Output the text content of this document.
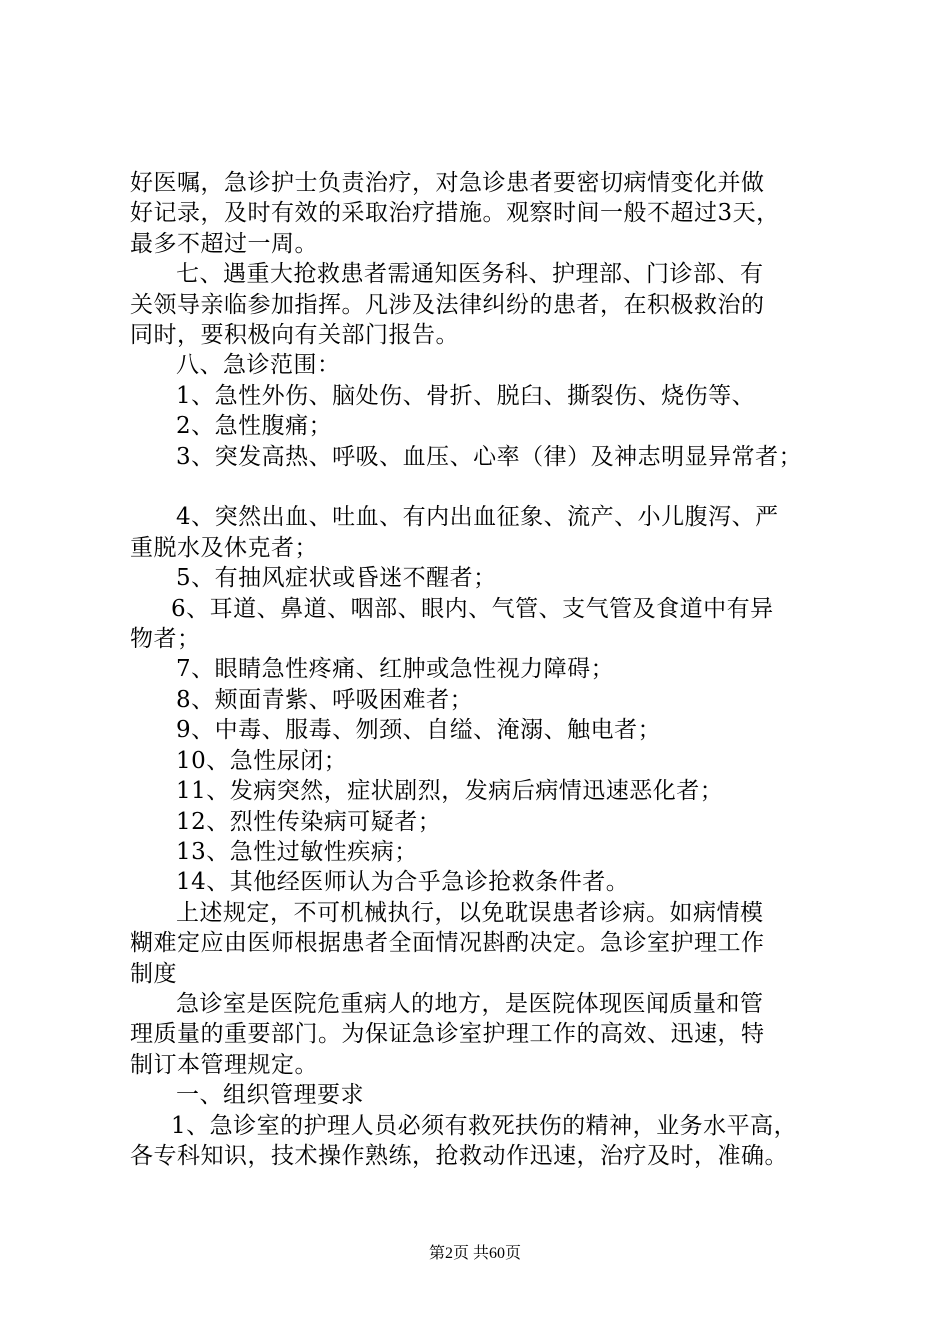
好医嘱，急诊护士负责治疗，对急诊患者要密切病情变化并做
好记录，及时有效的采取治疗措施。观察时间一般不超过3天，
最多不超过一周。
七、遇重大抢救患者需通知医务科、护理部、门诊部、有
关领导亲临参加指挥。凡涉及法律纠纷的患者，在积极救治的
同时，要积极向有关部门报告。
八、急诊范围：
1、急性外伤、脑处伤、骨折、脱臼、撕裂伤、烧伤等、
2、急性腹痛；
3、突发高热、呼吸、血压、心率（律）及神志明显异常者；
4、突然出血、吐血、有内出血征象、流产、小儿腹泻、严
重脱水及休克者；
5、有抽风症状或昏迷不醒者；
6、耳道、鼻道、咽部、眼内、气管、支气管及食道中有异
物者；
7、眼睛急性疼痛、红肿或急性视力障碍；
8、颊面青紫、呼吸困难者；
9、中毒、服毒、刎颈、自缢、淹溺、触电者；
10、急性尿闭；
11、发病突然，症状剧烈，发病后病情迅速恶化者；
12、烈性传染病可疑者；
13、急性过敏性疾病；
14、其他经医师认为合乎急诊抢救条件者。
上述规定，不可机械执行，以免耽误患者诊病。如病情模
糊难定应由医师根据患者全面情况斟酌决定。急诊室护理工作
制度
急诊室是医院危重病人的地方，是医院体现医闻质量和管
理质量的重要部门。为保证急诊室护理工作的高效、迅速，特
制订本管理规定。
一、组织管理要求
1、急诊室的护理人员必须有救死扶伤的精神，业务水平高，
各专科知识，技术操作熟练，抢救动作迅速，治疗及时，准确。
第2页 共60页
